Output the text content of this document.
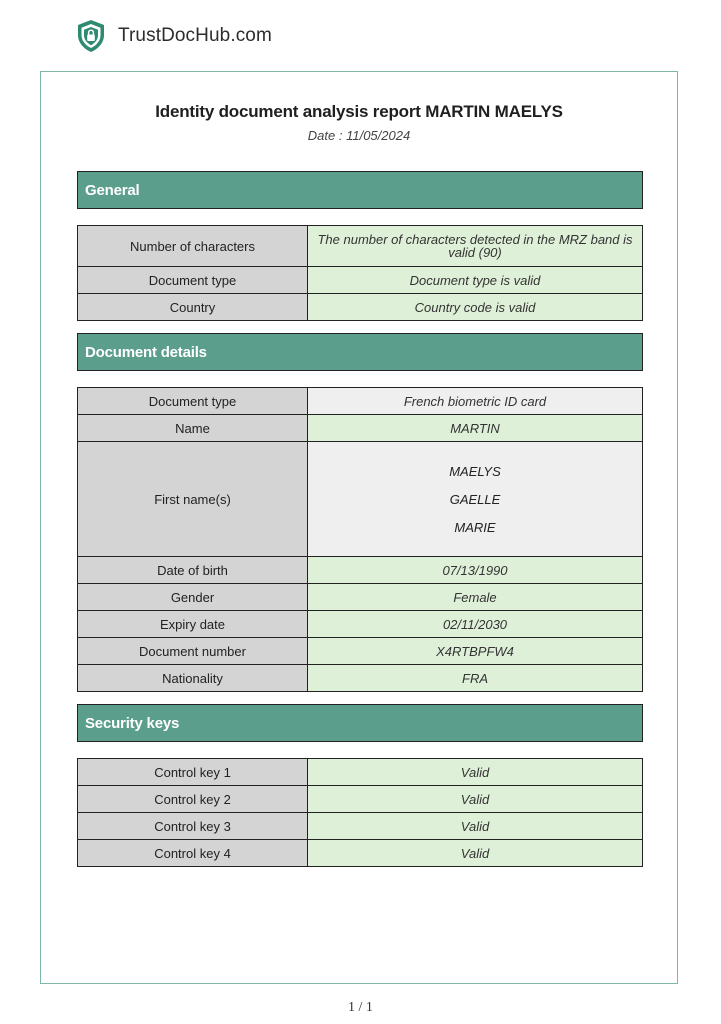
TrustDocHub.com
Identity document analysis report MARTIN MAELYS
Date : 11/05/2024
General
Number of characters	The number of characters detected in the MRZ band is valid (90)
Document type	Document type is valid
Country	Country code is valid
Document details
Document type	French biometric ID card
Name	MARTIN
First name(s)	MAELYS
GAELLE
MARIE

Date of birth	07/13/1990
Gender	Female
Expiry date	02/11/2030
Document number	X4RTBPFW4
Nationality	FRA
Security keys
Control key 1	Valid
Control key 2	Valid
Control key 3	Valid
Control key 4	Valid
1 / 1
